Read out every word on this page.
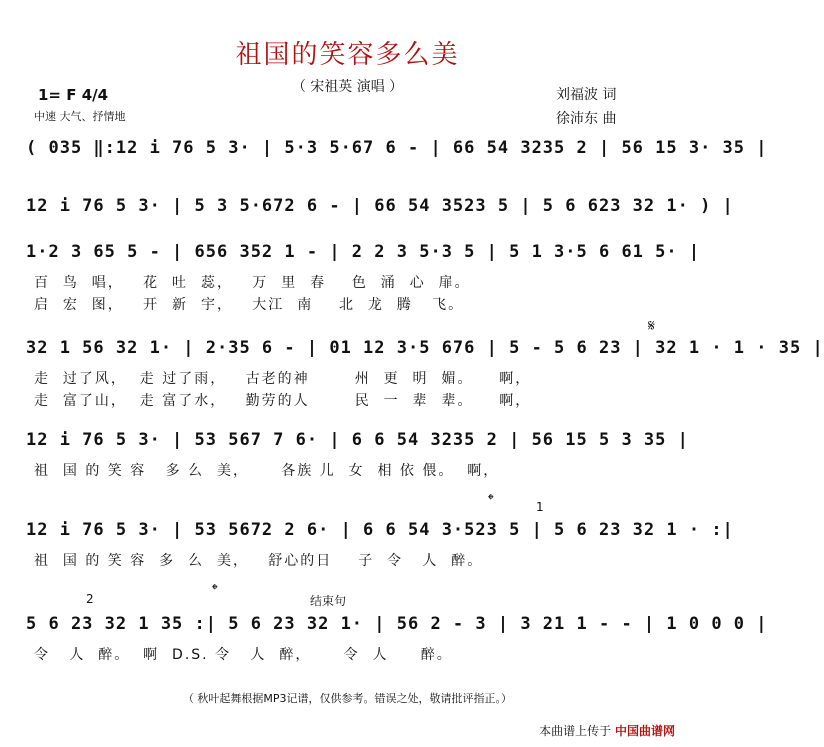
祖国的笑容多么美
（ 宋祖英 演唱 ）
1= F 4/4
中速 大气、抒情地
刘福波 词
徐沛东 曲
( 035 ‖:12 i 76 5 3· | 5·3 5·67 6 - | 66 54 3235 2 | 56 15 3· 35 |
12 i 76 5 3· | 5 3 5·672 6 - | 66 54 3523 5 | 5 6 623 32 1· ) |
1·2 3 65 5 - | 656 352 1 - | 2 2 3 5·3 5 | 5 1 3·5 6 61 5· |
百  鸟  唱，   花  吐  蕊，   万  里  春    色  涌  心  扉。
启  宏  图，   开  新  宇，   大江  南    北  龙  腾   飞。
𝄋
32 1 56 32 1· | 2·35 6 - | 01 12 3·5 676 | 5 - 5 6 23 | 32 1 · 1 · 35 |
走  过了风，  走 过了雨，   古老的神       州  更  明  媚。    啊，
走  富了山，  走 富了水，   勤劳的人       民  一  辈  辈。    啊，
12 i 76 5 3· | 53 567 7 6· | 6 6 54 3235 2 | 56 15 5 3 35 |
祖  国 的 笑 容   多 么  美，     各族 儿  女  相 依 偎。  啊，
𝄌	1
12 i 76 5 3· | 53 5672 2 6· | 6 6 54 3·523 5 | 5 6 23 32 1 · :|
祖  国 的 笑 容  多  么  美，   舒心的日    子  令   人  醉。
2	𝄌
结束句
5 6 23 32 1 35 :| 5 6 23 32 1· | 56 2 - 3 | 3 21 1 - - | 1 0 0 0 |
令   人  醉。  啊  D.S. 令   人  醉，     令  人     醉。
（ 秋叶起舞根据MP3记谱，仅供参考。错误之处，敬请批评指正。）
本曲谱上传于 中国曲谱网
